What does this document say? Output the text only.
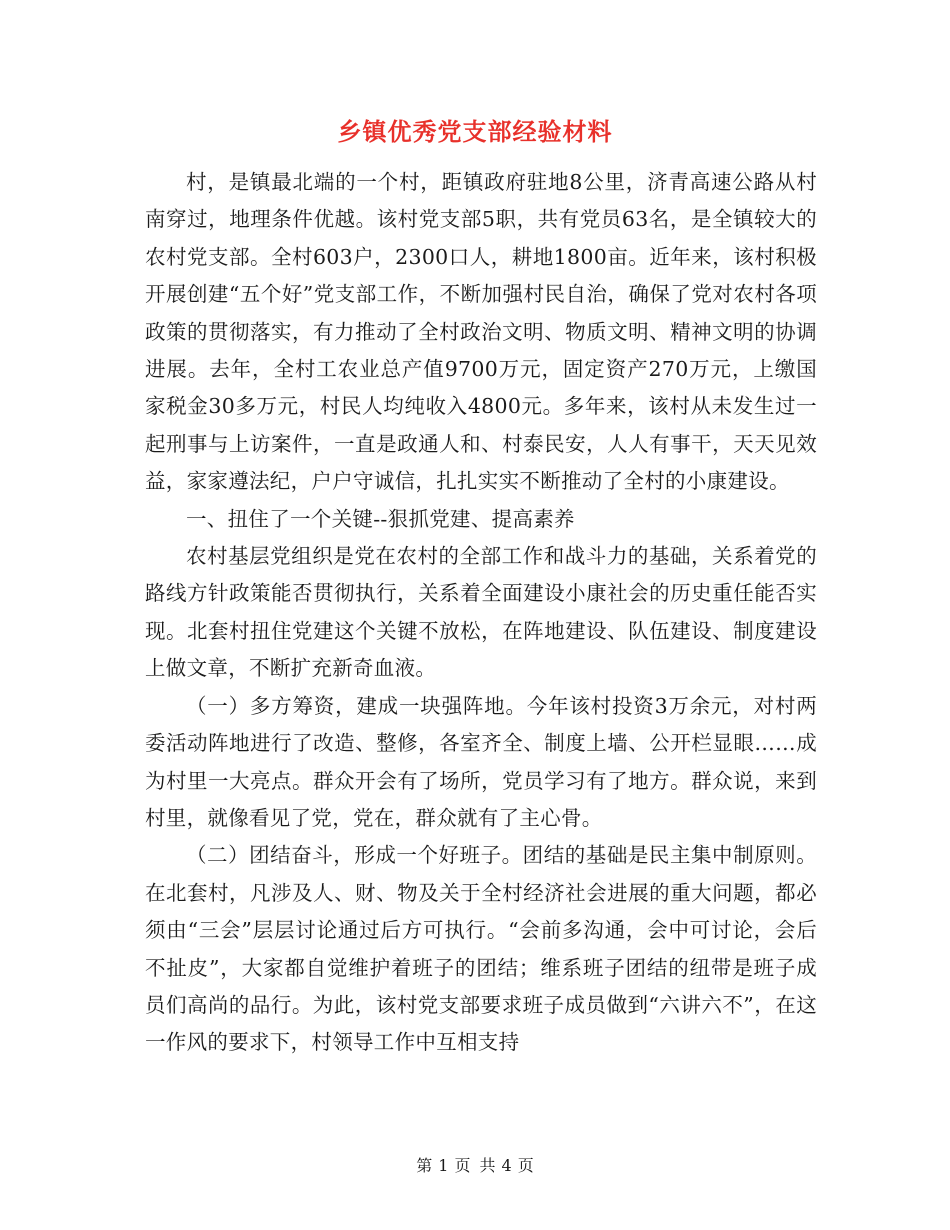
乡镇优秀党支部经验材料

村，是镇最北端的一个村，距镇政府驻地8公里，济青高速公路从村南穿过，地理条件优越。该村党支部5职，共有党员63名，是全镇较大的农村党支部。全村603户，2300口人，耕地1800亩。近年来，该村积极开展创建“五个好”党支部工作，不断加强村民自治，确保了党对农村各项政策的贯彻落实，有力推动了全村政治文明、物质文明、精神文明的协调进展。去年，全村工农业总产值9700万元，固定资产270万元，上缴国家税金30多万元，村民人均纯收入4800元。多年来，该村从未发生过一起刑事与上访案件，一直是政通人和、村泰民安，人人有事干，天天见效益，家家遵法纪，户户守诚信，扎扎实实不断推动了全村的小康建设。

一、扭住了一个关键--狠抓党建、提高素养

农村基层党组织是党在农村的全部工作和战斗力的基础，关系着党的路线方针政策能否贯彻执行，关系着全面建设小康社会的历史重任能否实现。北套村扭住党建这个关键不放松，在阵地建设、队伍建设、制度建设上做文章，不断扩充新奇血液。

（一）多方筹资，建成一块强阵地。今年该村投资3万余元，对村两委活动阵地进行了改造、整修，各室齐全、制度上墙、公开栏显眼……成为村里一大亮点。群众开会有了场所，党员学习有了地方。群众说，来到村里，就像看见了党，党在，群众就有了主心骨。

（二）团结奋斗，形成一个好班子。团结的基础是民主集中制原则。在北套村，凡涉及人、财、物及关于全村经济社会进展的重大问题，都必须由“三会”层层讨论通过后方可执行。“会前多沟通，会中可讨论，会后不扯皮”，大家都自觉维护着班子的团结；维系班子团结的纽带是班子成员们高尚的品行。为此，该村党支部要求班子成员做到“六讲六不”，在这一作风的要求下，村领导工作中互相支持

第 1 页 共 4 页
